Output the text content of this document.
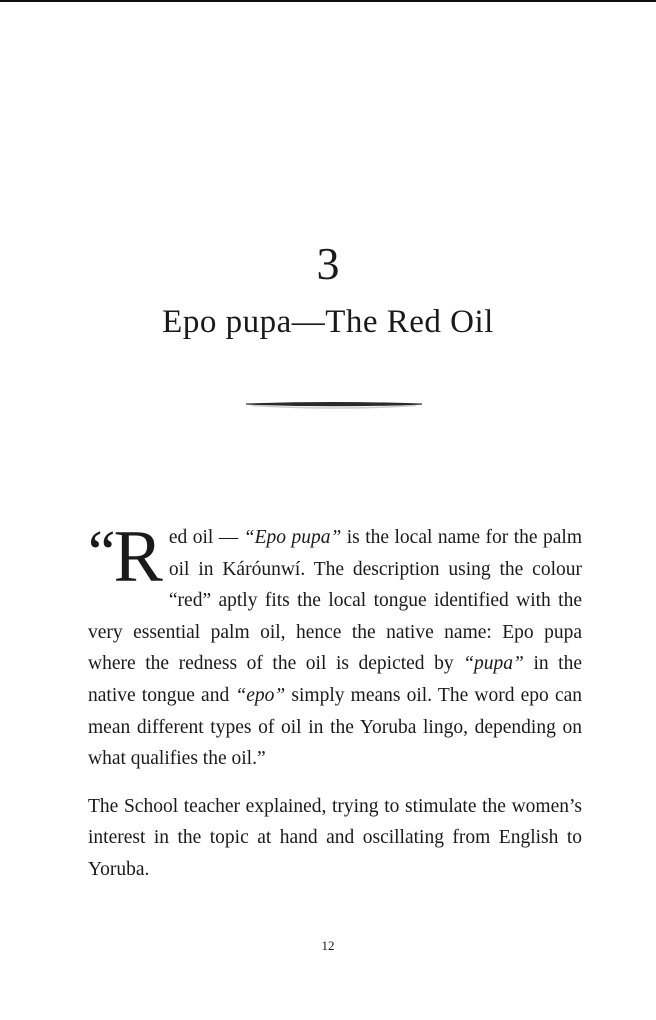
3
Epo pupa—The Red Oil

“R ed oil — “Epo pupa” is the local name for the palm oil in Káróunwí. The description using the colour “red” aptly fits the local tongue identified with the very essential palm oil, hence the native name: Epo pupa where the redness of the oil is depicted by “pupa” in the native tongue and “epo” simply means oil. The word epo can mean different types of oil in the Yoruba lingo, depending on what qualifies the oil.”

The School teacher explained, trying to stimulate the women’s interest in the topic at hand and oscillating from English to Yoruba.

12
